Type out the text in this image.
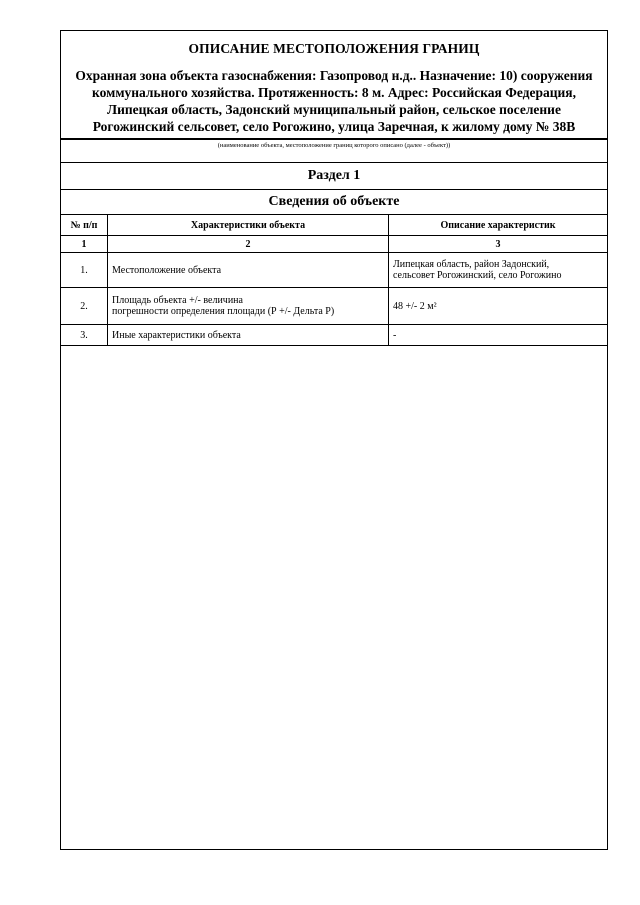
ОПИСАНИЕ МЕСТОПОЛОЖЕНИЯ ГРАНИЦ
Охранная зона объекта газоснабжения: Газопровод н.д.. Назначение: 10) сооружения коммунального хозяйства. Протяженность: 8 м. Адрес: Российская Федерация, Липецкая область, Задонский муниципальный район, сельское поселение Рогожинский сельсовет, село Рогожино, улица Заречная, к жилому дому № 38В
(наименование объекта, местоположение границ которого описано (далее - объект))
Раздел 1
Сведения об объекте
№ п/п	Характеристики объекта	Описание характеристик
1	2	3
1.	Местоположение объекта	Липецкая область, район Задонский,
сельсовет Рогожинский, село Рогожино
2.	Площадь объекта +/- величина
погрешности определения площади (Р +/- Дельта Р)	48 +/- 2 м²
3.	Иные характеристики объекта	-
